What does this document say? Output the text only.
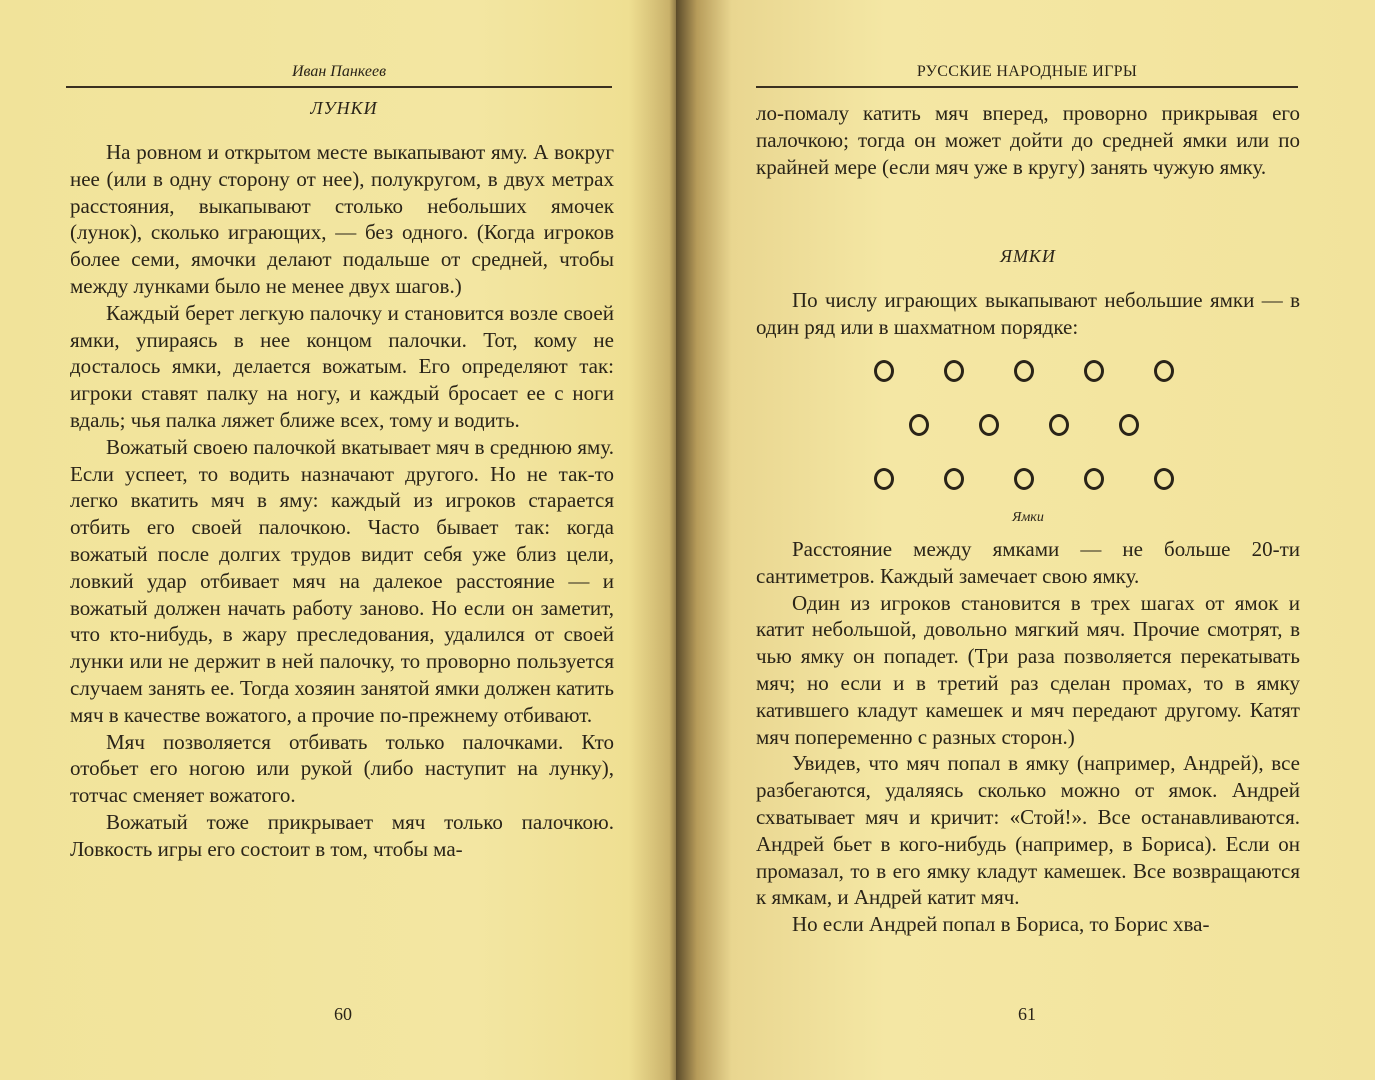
Иван Панкеев
ЛУНКИ

На ровном и открытом месте выкапывают яму. А вокруг нее (или в одну сторону от нее), полукругом, в двух метрах расстояния, выкапывают столько небольших ямочек (лунок), сколько играющих, — без одного. (Когда игроков более семи, ямочки делают подальше от средней, чтобы между лунками было не менее двух шагов.)

Каждый берет легкую палочку и становится возле своей ямки, упираясь в нее концом палочки. Тот, кому не досталось ямки, делается вожатым. Его определяют так: игроки ставят палку на ногу, и каждый бросает ее с ноги вдаль; чья палка ляжет ближе всех, тому и водить.

Вожатый своею палочкой вкатывает мяч в среднюю яму. Если успеет, то водить назначают другого. Но не так-то легко вкатить мяч в яму: каждый из игроков старается отбить его своей палочкою. Часто бывает так: когда вожатый после долгих трудов видит себя уже близ цели, ловкий удар отбивает мяч на далекое расстояние — и вожатый должен начать работу заново. Но если он заметит, что кто-нибудь, в жару преследования, удалился от своей лунки или не держит в ней палочку, то проворно пользуется случаем занять ее. Тогда хозяин занятой ямки должен катить мяч в качестве вожатого, а прочие по-прежнему отбивают.

Мяч позволяется отбивать только палочками. Кто отобьет его ногою или рукой (либо наступит на лунку), тотчас сменяет вожатого.

Вожатый тоже прикрывает мяч только палочкою. Ловкость игры его состоит в том, чтобы ма-

60
РУССКИЕ НАРОДНЫЕ ИГРЫ

ло-помалу катить мяч вперед, проворно прикрывая его палочкою; тогда он может дойти до средней ямки или по крайней мере (если мяч уже в кругу) занять чужую ямку.

ЯМКИ

По числу играющих выкапывают небольшие ямки — в один ряд или в шахматном порядке:

Ямки

Расстояние между ямками — не больше 20-ти сантиметров. Каждый замечает свою ямку.

Один из игроков становится в трех шагах от ямок и катит небольшой, довольно мягкий мяч. Прочие смотрят, в чью ямку он попадет. (Три раза позволяется перекатывать мяч; но если и в третий раз сделан промах, то в ямку катившего кладут камешек и мяч передают другому. Катят мяч попеременно с разных сторон.)

Увидев, что мяч попал в ямку (например, Андрей), все разбегаются, удаляясь сколько можно от ямок. Андрей схватывает мяч и кричит: «Стой!». Все останавливаются. Андрей бьет в кого-нибудь (например, в Бориса). Если он промазал, то в его ямку кладут камешек. Все возвращаются к ямкам, и Андрей катит мяч.

Но если Андрей попал в Бориса, то Борис хва-

61
